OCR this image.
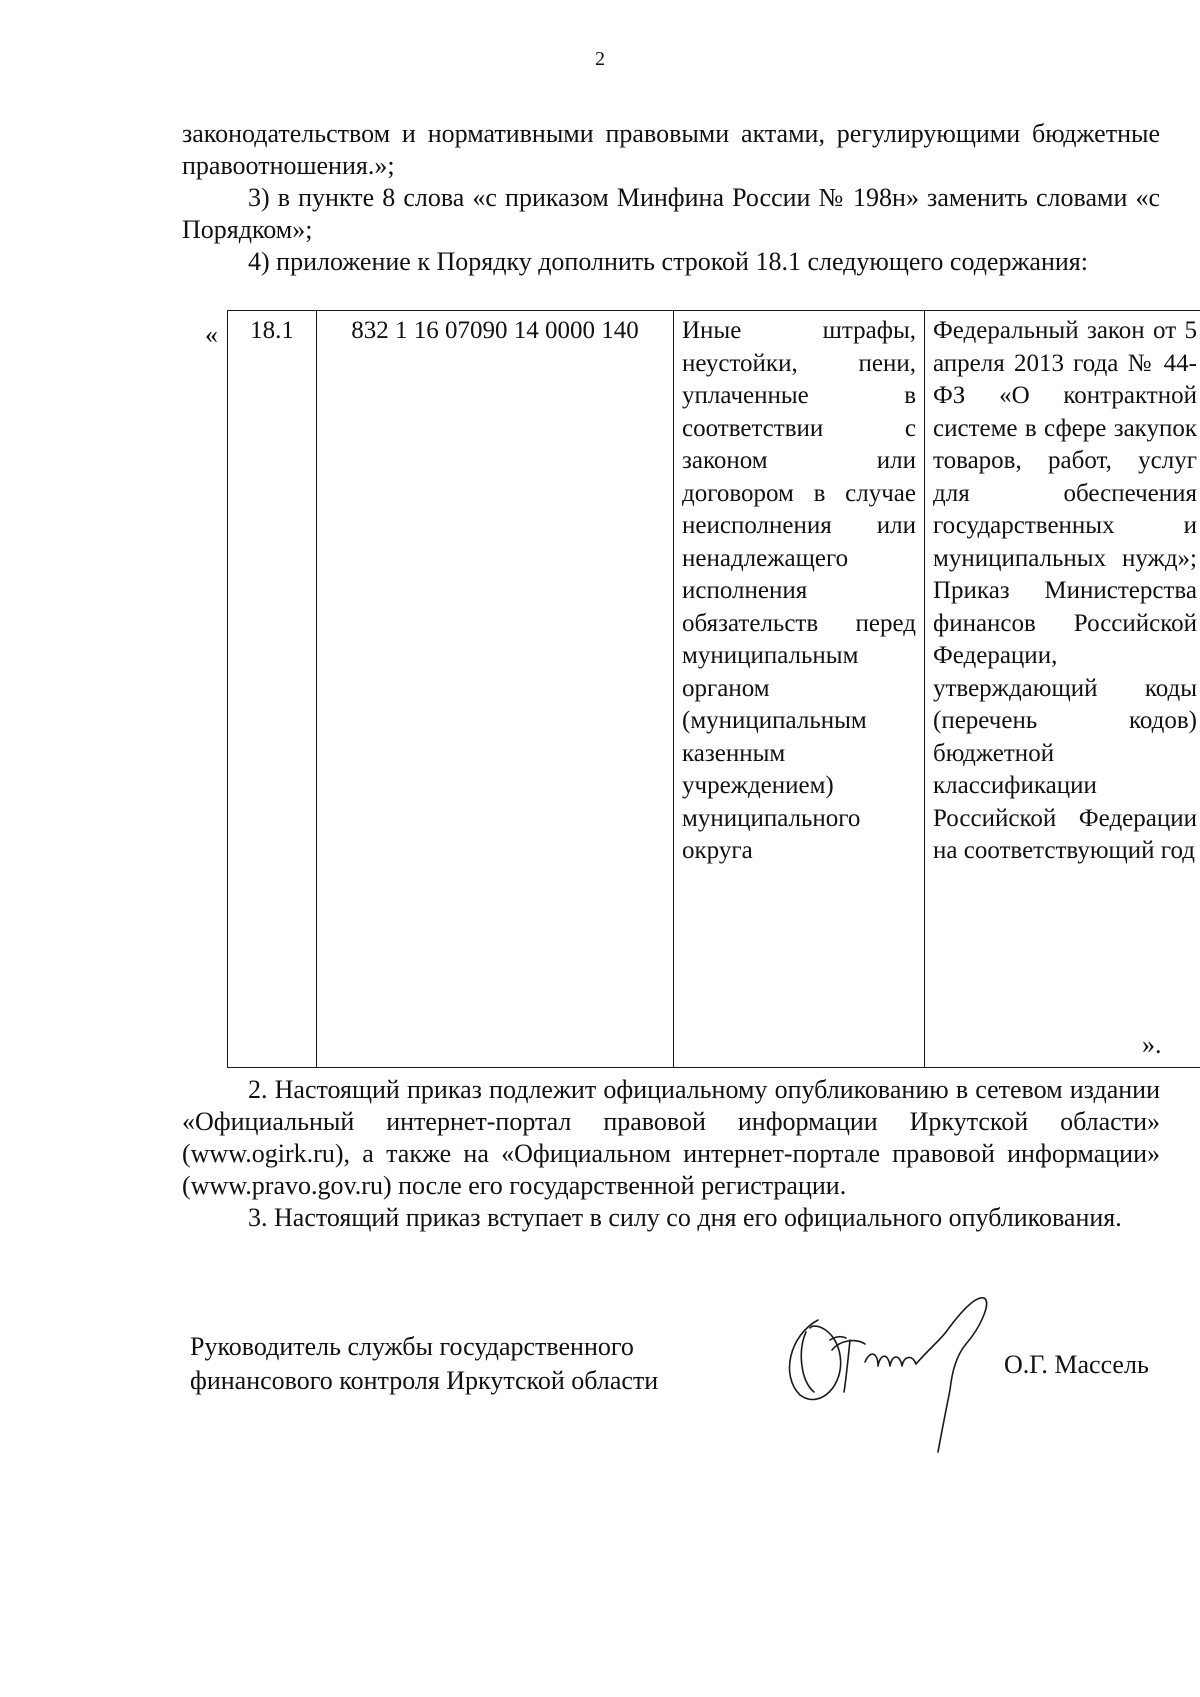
2

законодательством и нормативными правовыми актами, регулирующими бюджетные правоотношения.»;

3) в пункте 8 слова «с приказом Минфина России № 198н» заменить словами «с Порядком»;

4) приложение к Порядку дополнить строкой 18.1 следующего содержания:

« 18.1	832 1 16 07090 14 0000 140	Иные штрафы, неустойки, пени, уплаченные в соответствии с законом или договором в случае неисполнения или ненадлежащего исполнения обязательств перед муниципальным органом (муниципальным казенным учреждением) муниципального округа	Федеральный закон от 5 апреля 2013 года № 44-ФЗ «О контрактной системе в сфере закупок товаров, работ, услуг для обеспечения государственных и муниципальных нужд»; Приказ Министерства финансов Российской Федерации, утверждающий коды (перечень кодов) бюджетной классификации Российской Федерации на соответствующий год
».

2. Настоящий приказ подлежит официальному опубликованию в сетевом издании «Официальный интернет-портал правовой информации Иркутской области» (www.ogirk.ru), а также на «Официальном интернет-портале правовой информации» (www.pravo.gov.ru) после его государственной регистрации.

3. Настоящий приказ вступает в силу со дня его официального опубликования.

Руководитель службы государственного
финансового контроля Иркутской области
О.Г. Массель
